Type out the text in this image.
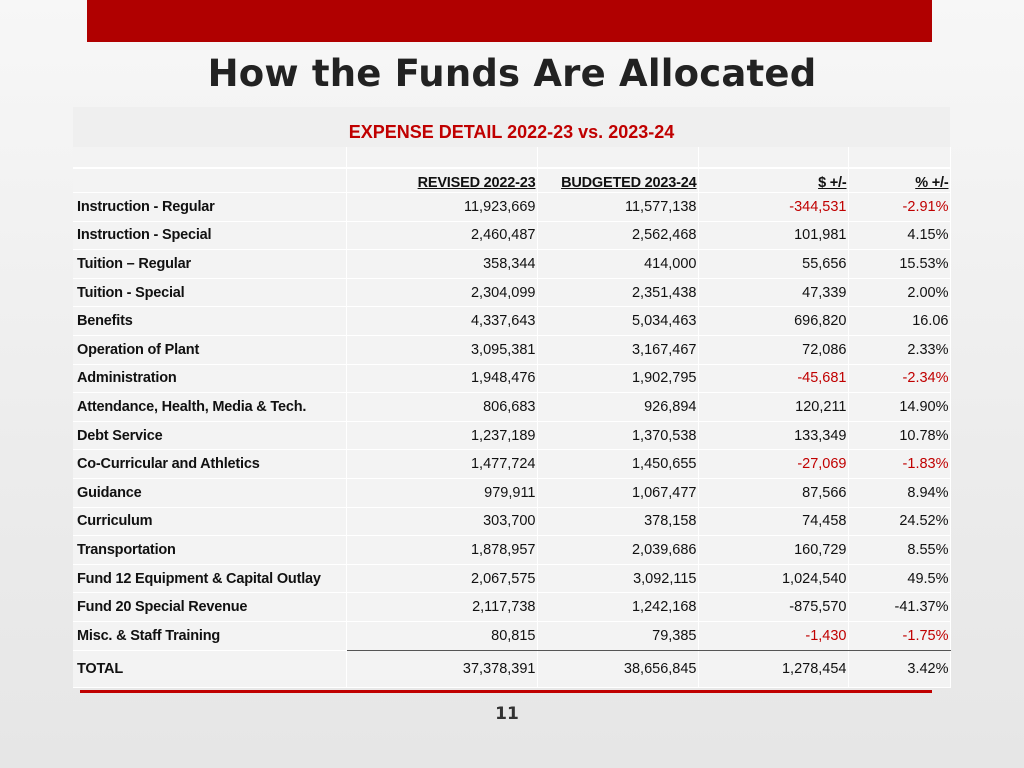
How the Funds Are Allocated
EXPENSE DETAIL 2022-23 vs. 2023-24

	REVISED 2022-23	BUDGETED 2023-24	$ +/-	% +/-
Instruction - Regular	11,923,669	11,577,138	-344,531	-2.91%
Instruction - Special	2,460,487	2,562,468	101,981	4.15%
Tuition – Regular	358,344	414,000	55,656	15.53%
Tuition - Special	2,304,099	2,351,438	47,339	2.00%
Benefits	4,337,643	5,034,463	696,820	16.06
Operation of Plant	3,095,381	3,167,467	72,086	2.33%
Administration	1,948,476	1,902,795	-45,681	-2.34%
Attendance, Health, Media & Tech.	806,683	926,894	120,211	14.90%
Debt Service	1,237,189	1,370,538	133,349	10.78%
Co-Curricular and Athletics	1,477,724	1,450,655	-27,069	-1.83%
Guidance	979,911	1,067,477	87,566	8.94%
Curriculum	303,700	378,158	74,458	24.52%
Transportation	1,878,957	2,039,686	160,729	8.55%
Fund 12 Equipment & Capital Outlay	2,067,575	3,092,115	1,024,540	49.5%
Fund 20 Special Revenue	2,117,738	1,242,168	-875,570	-41.37%
Misc. & Staff Training	80,815	79,385	-1,430	-1.75%
TOTAL	37,378,391	38,656,845	1,278,454	3.42%
11
